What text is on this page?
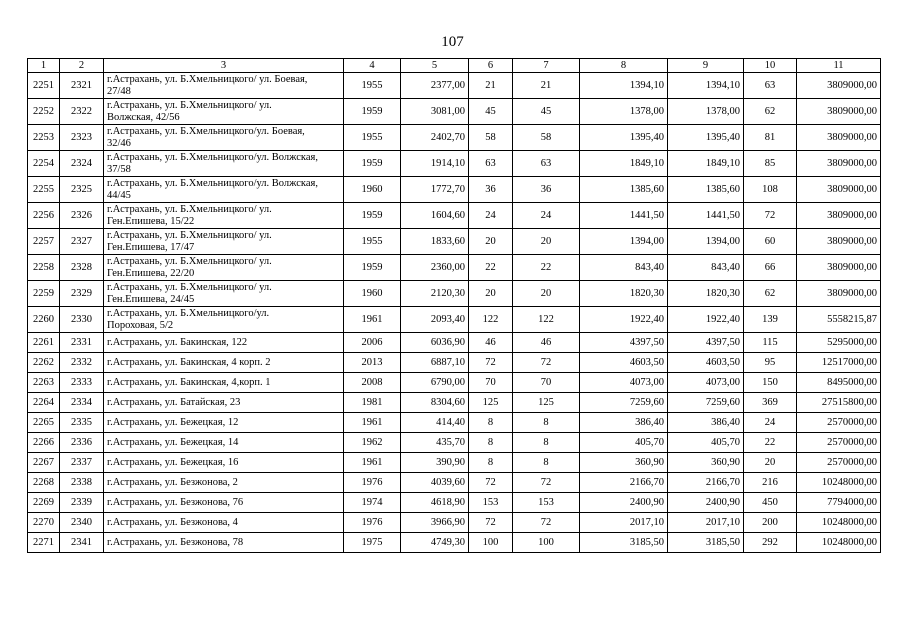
107
1	2	3	4	5	6	7	8	9	10	11
2251	2321	г.Астрахань, ул. Б.Хмельницкого/ ул. Боевая,
27/48	1955	2377,00	21	21	1394,10	1394,10	63	3809000,00
2252	2322	г.Астрахань, ул. Б.Хмельницкого/ ул.
Волжская, 42/56	1959	3081,00	45	45	1378,00	1378,00	62	3809000,00
2253	2323	г.Астрахань, ул. Б.Хмельницкого/ул. Боевая,
32/46	1955	2402,70	58	58	1395,40	1395,40	81	3809000,00
2254	2324	г.Астрахань, ул. Б.Хмельницкого/ул. Волжская,
37/58	1959	1914,10	63	63	1849,10	1849,10	85	3809000,00
2255	2325	г.Астрахань, ул. Б.Хмельницкого/ул. Волжская,
44/45	1960	1772,70	36	36	1385,60	1385,60	108	3809000,00
2256	2326	г.Астрахань, ул. Б.Хмельницкого/ ул.
Ген.Епишева, 15/22	1959	1604,60	24	24	1441,50	1441,50	72	3809000,00
2257	2327	г.Астрахань, ул. Б.Хмельницкого/ ул.
Ген.Епишева, 17/47	1955	1833,60	20	20	1394,00	1394,00	60	3809000,00
2258	2328	г.Астрахань, ул. Б.Хмельницкого/ ул.
Ген.Епишева, 22/20	1959	2360,00	22	22	843,40	843,40	66	3809000,00
2259	2329	г.Астрахань, ул. Б.Хмельницкого/ ул.
Ген.Епишева, 24/45	1960	2120,30	20	20	1820,30	1820,30	62	3809000,00
2260	2330	г.Астрахань, ул. Б.Хмельницкого/ул.
Пороховая, 5/2	1961	2093,40	122	122	1922,40	1922,40	139	5558215,87
2261	2331	г.Астрахань, ул. Бакинская, 122	2006	6036,90	46	46	4397,50	4397,50	115	5295000,00
2262	2332	г.Астрахань, ул. Бакинская, 4 корп. 2	2013	6887,10	72	72	4603,50	4603,50	95	12517000,00
2263	2333	г.Астрахань, ул. Бакинская, 4,корп. 1	2008	6790,00	70	70	4073,00	4073,00	150	8495000,00
2264	2334	г.Астрахань, ул. Батайская, 23	1981	8304,60	125	125	7259,60	7259,60	369	27515800,00
2265	2335	г.Астрахань, ул. Бежецкая, 12	1961	414,40	8	8	386,40	386,40	24	2570000,00
2266	2336	г.Астрахань, ул. Бежецкая, 14	1962	435,70	8	8	405,70	405,70	22	2570000,00
2267	2337	г.Астрахань, ул. Бежецкая, 16	1961	390,90	8	8	360,90	360,90	20	2570000,00
2268	2338	г.Астрахань, ул. Безжонова, 2	1976	4039,60	72	72	2166,70	2166,70	216	10248000,00
2269	2339	г.Астрахань, ул. Безжонова, 76	1974	4618,90	153	153	2400,90	2400,90	450	7794000,00
2270	2340	г.Астрахань, ул. Безжонова, 4	1976	3966,90	72	72	2017,10	2017,10	200	10248000,00
2271	2341	г.Астрахань, ул. Безжонова, 78	1975	4749,30	100	100	3185,50	3185,50	292	10248000,00
